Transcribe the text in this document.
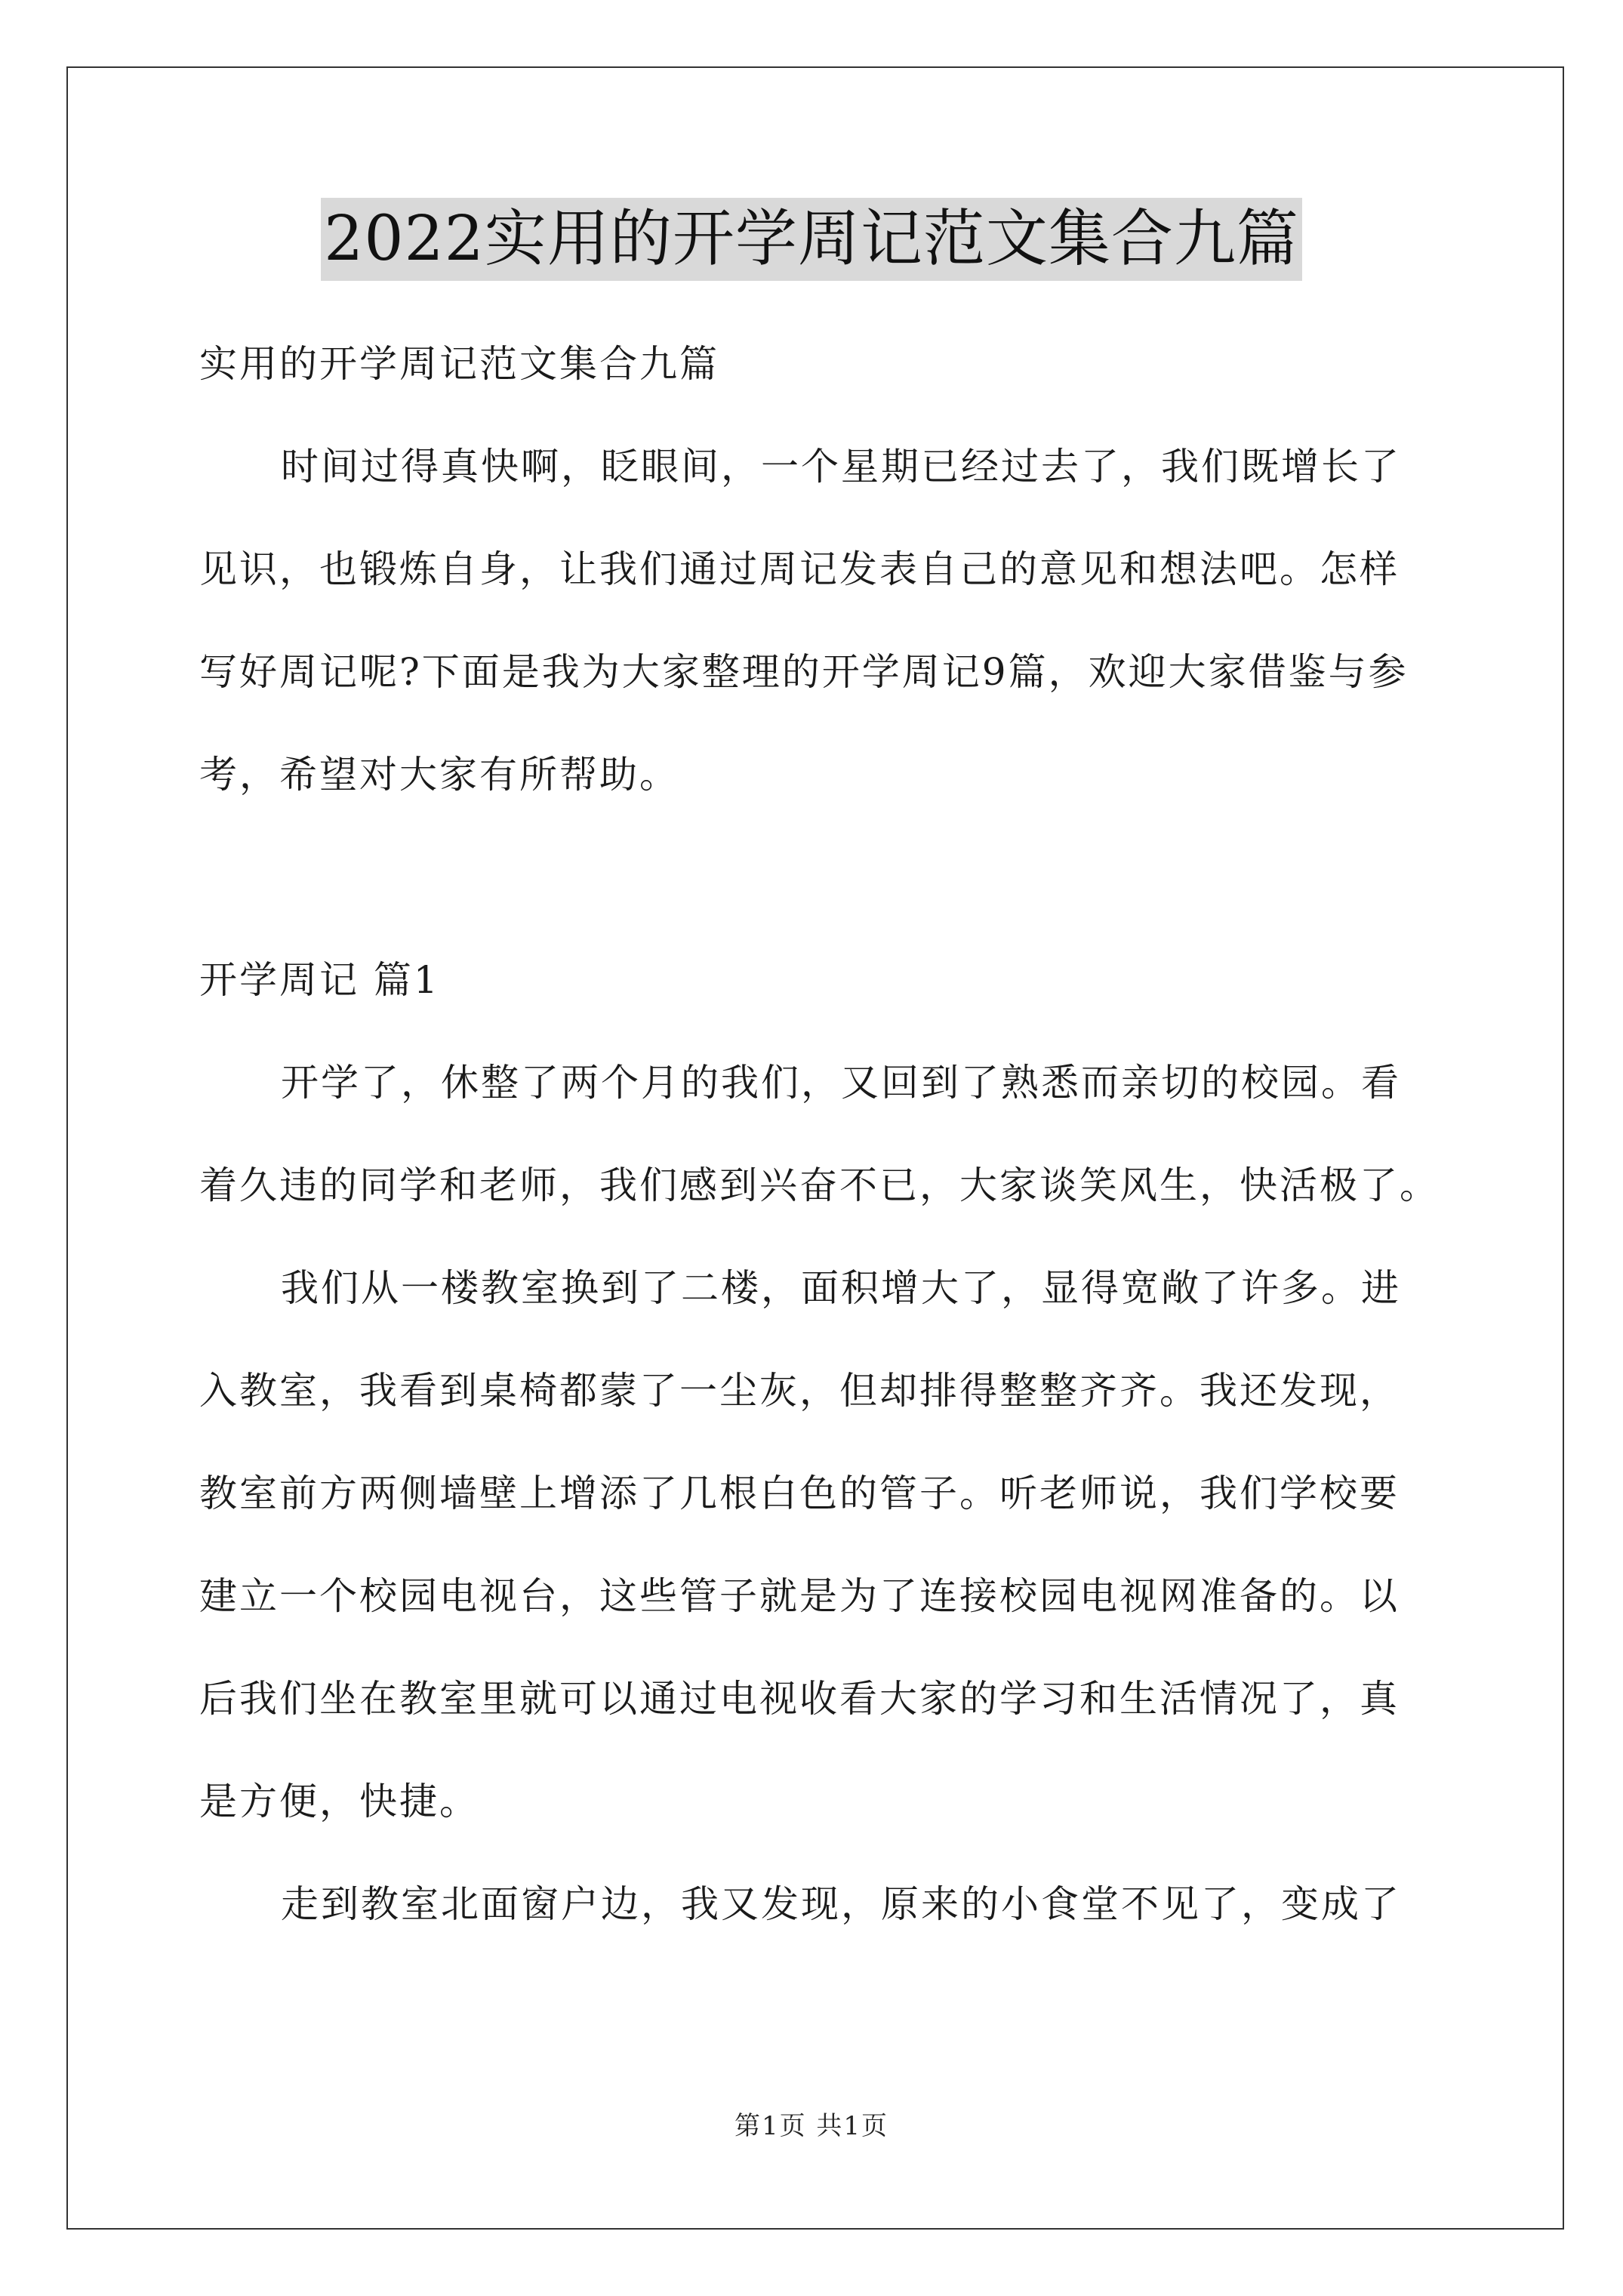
2022实用的开学周记范文集合九篇
实用的开学周记范文集合九篇
时间过得真快啊，眨眼间，一个星期已经过去了，我们既增长了
见识，也锻炼自身，让我们通过周记发表自己的意见和想法吧。怎样
写好周记呢?下面是我为大家整理的开学周记9篇，欢迎大家借鉴与参
考，希望对大家有所帮助。
开学周记 篇1
开学了，休整了两个月的我们，又回到了熟悉而亲切的校园。看
着久违的同学和老师，我们感到兴奋不已，大家谈笑风生，快活极了。
我们从一楼教室换到了二楼，面积增大了，显得宽敞了许多。进
入教室，我看到桌椅都蒙了一尘灰，但却排得整整齐齐。我还发现，
教室前方两侧墙壁上增添了几根白色的管子。听老师说，我们学校要
建立一个校园电视台，这些管子就是为了连接校园电视网准备的。以
后我们坐在教室里就可以通过电视收看大家的学习和生活情况了，真
是方便，快捷。
走到教室北面窗户边，我又发现，原来的小食堂不见了，变成了
第1页 共1页
